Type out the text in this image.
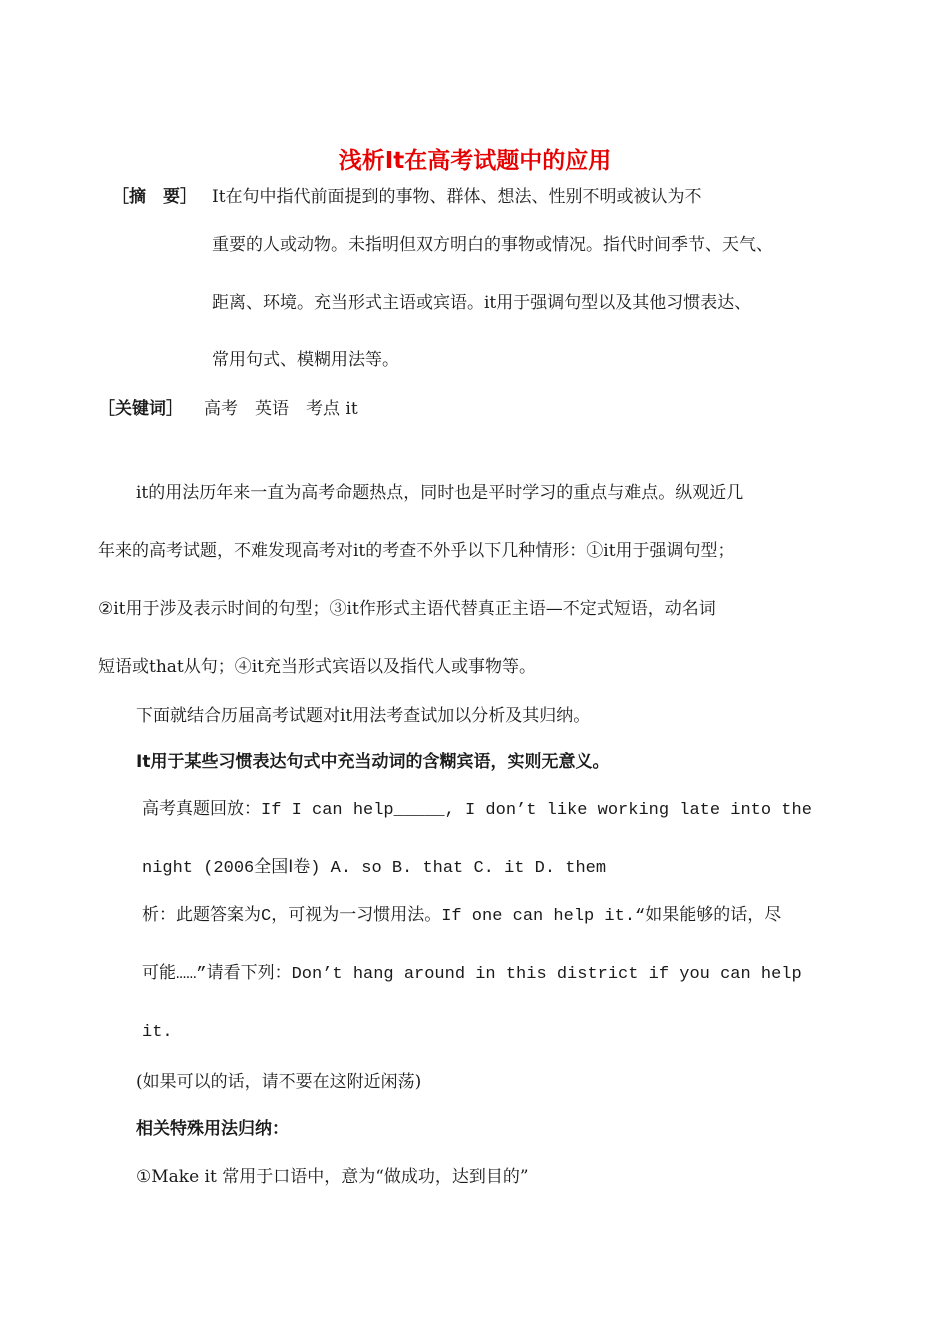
浅析It在高考试题中的应用
［摘　要］ It在句中指代前面提到的事物、群体、想法、性别不明或被认为不
重要的人或动物。未指明但双方明白的事物或情况。指代时间季节、天气、
距离、环境。充当形式主语或宾语。it用于强调句型以及其他习惯表达、
常用句式、模糊用法等。
［关键词］ 高考　英语　考点 it
it的用法历年来一直为高考命题热点，同时也是平时学习的重点与难点。纵观近几
年来的高考试题，不难发现高考对it的考查不外乎以下几种情形：①it用于强调句型；
②it用于涉及表示时间的句型；③it作形式主语代替真正主语—不定式短语，动名词
短语或that从句；④it充当形式宾语以及指代人或事物等。
下面就结合历届高考试题对it用法考查试加以分析及其归纳。
It用于某些习惯表达句式中充当动词的含糊宾语，实则无意义。
高考真题回放：If I can help_____, I don’t like working late into the
night (2006全国Ⅰ卷) A. so B. that C. it D. them
析：此题答案为C，可视为一习惯用法。If one can help it.“如果能够的话，尽
可能……”请看下列：Don’t hang around in this district if you can help
it.
(如果可以的话，请不要在这附近闲荡)
相关特殊用法归纳：
①Make it 常用于口语中，意为“做成功，达到目的”
